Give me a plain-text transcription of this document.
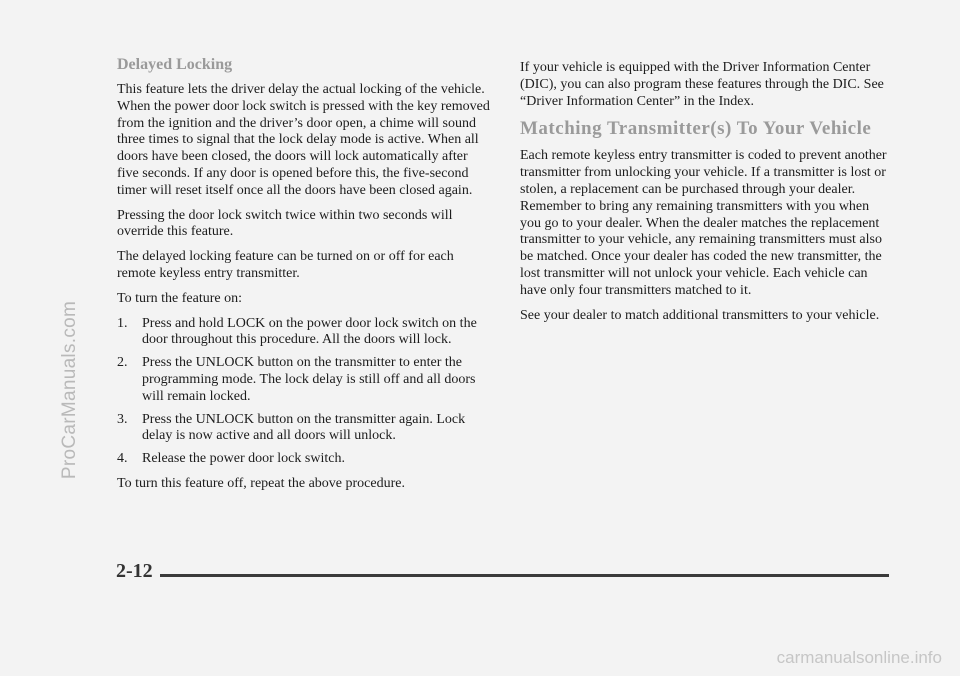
ProCarManuals.com
Delayed Locking

This feature lets the driver delay the actual locking of the vehicle. When the power door lock switch is pressed with the key removed from the ignition and the driver’s door open, a chime will sound three times to signal that the lock delay mode is active. When all doors have been closed, the doors will lock automatically after five seconds. If any door is opened before this, the five-second timer will reset itself once all the doors have been closed again.

Pressing the door lock switch twice within two seconds will override this feature.

The delayed locking feature can be turned on or off for each remote keyless entry transmitter.

To turn the feature on:

1.	Press and hold LOCK on the power door lock switch on the door throughout this procedure. All the doors will lock.
2.	Press the UNLOCK button on the transmitter to enter the programming mode. The lock delay is still off and all doors will remain locked.
3.	Press the UNLOCK button on the transmitter again. Lock delay is now active and all doors will unlock.
4.	Release the power door lock switch.

To turn this feature off, repeat the above procedure.

If your vehicle is equipped with the Driver Information Center (DIC), you can also program these features through the DIC. See “Driver Information Center” in the Index.

Matching Transmitter(s) To Your Vehicle

Each remote keyless entry transmitter is coded to prevent another transmitter from unlocking your vehicle. If a transmitter is lost or stolen, a replacement can be purchased through your dealer. Remember to bring any remaining transmitters with you when you go to your dealer. When the dealer matches the replacement transmitter to your vehicle, any remaining transmitters must also be matched. Once your dealer has coded the new transmitter, the lost transmitter will not unlock your vehicle. Each vehicle can have only four transmitters matched to it.

See your dealer to match additional transmitters to your vehicle.

2-12
carmanualsonline.info
